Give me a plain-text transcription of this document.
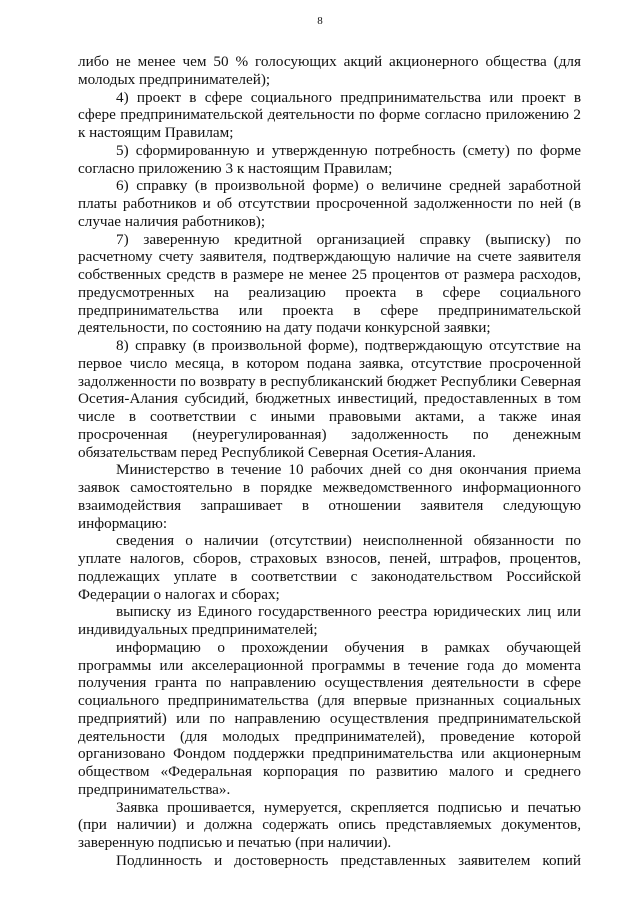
8

либо не менее чем 50 % голосующих акций акционерного общества (для молодых предпринимателей);

4) проект в сфере социального предпринимательства или проект в сфере предпринимательской деятельности по форме согласно приложению 2 к настоящим Правилам;

5) сформированную и утвержденную потребность (смету) по форме согласно приложению 3 к настоящим Правилам;

6) справку (в произвольной форме) о величине средней заработной платы работников и об отсутствии просроченной задолженности по ней (в случае наличия работников);

7) заверенную кредитной организацией справку (выписку) по расчетному счету заявителя, подтверждающую наличие на счете заявителя собственных средств в размере не менее 25 процентов от размера расходов, предусмотренных на реализацию проекта в сфере социального предпринимательства или проекта в сфере предпринимательской деятельности, по состоянию на дату подачи конкурсной заявки;

8) справку (в произвольной форме), подтверждающую отсутствие на первое число месяца, в котором подана заявка, отсутствие просроченной задолженности по возврату в республиканский бюджет Республики Северная Осетия-Алания субсидий, бюджетных инвестиций, предоставленных в том числе в соответствии с иными правовыми актами, а также иная просроченная (неурегулированная) задолженность по денежным обязательствам перед Республикой Северная Осетия-Алания.

Министерство в течение 10 рабочих дней со дня окончания приема заявок самостоятельно в порядке межведомственного информационного взаимодействия запрашивает в отношении заявителя следующую информацию:

сведения о наличии (отсутствии) неисполненной обязанности по уплате налогов, сборов, страховых взносов, пеней, штрафов, процентов, подлежащих уплате в соответствии с законодательством Российской Федерации о налогах и сборах;

выписку из Единого государственного реестра юридических лиц или индивидуальных предпринимателей;

информацию о прохождении обучения в рамках обучающей программы или акселерационной программы в течение года до момента получения гранта по направлению осуществления деятельности в сфере социального предпринимательства (для впервые признанных социальных предприятий) или по направлению осуществления предпринимательской деятельности (для молодых предпринимателей), проведение которой организовано Фондом поддержки предпринимательства или акционерным обществом «Федеральная корпорация по развитию малого и среднего предпринимательства».

Заявка прошивается, нумеруется, скрепляется подписью и печатью (при наличии) и должна содержать опись представляемых документов, заверенную подписью и печатью (при наличии).

Подлинность и достоверность представленных заявителем копий
